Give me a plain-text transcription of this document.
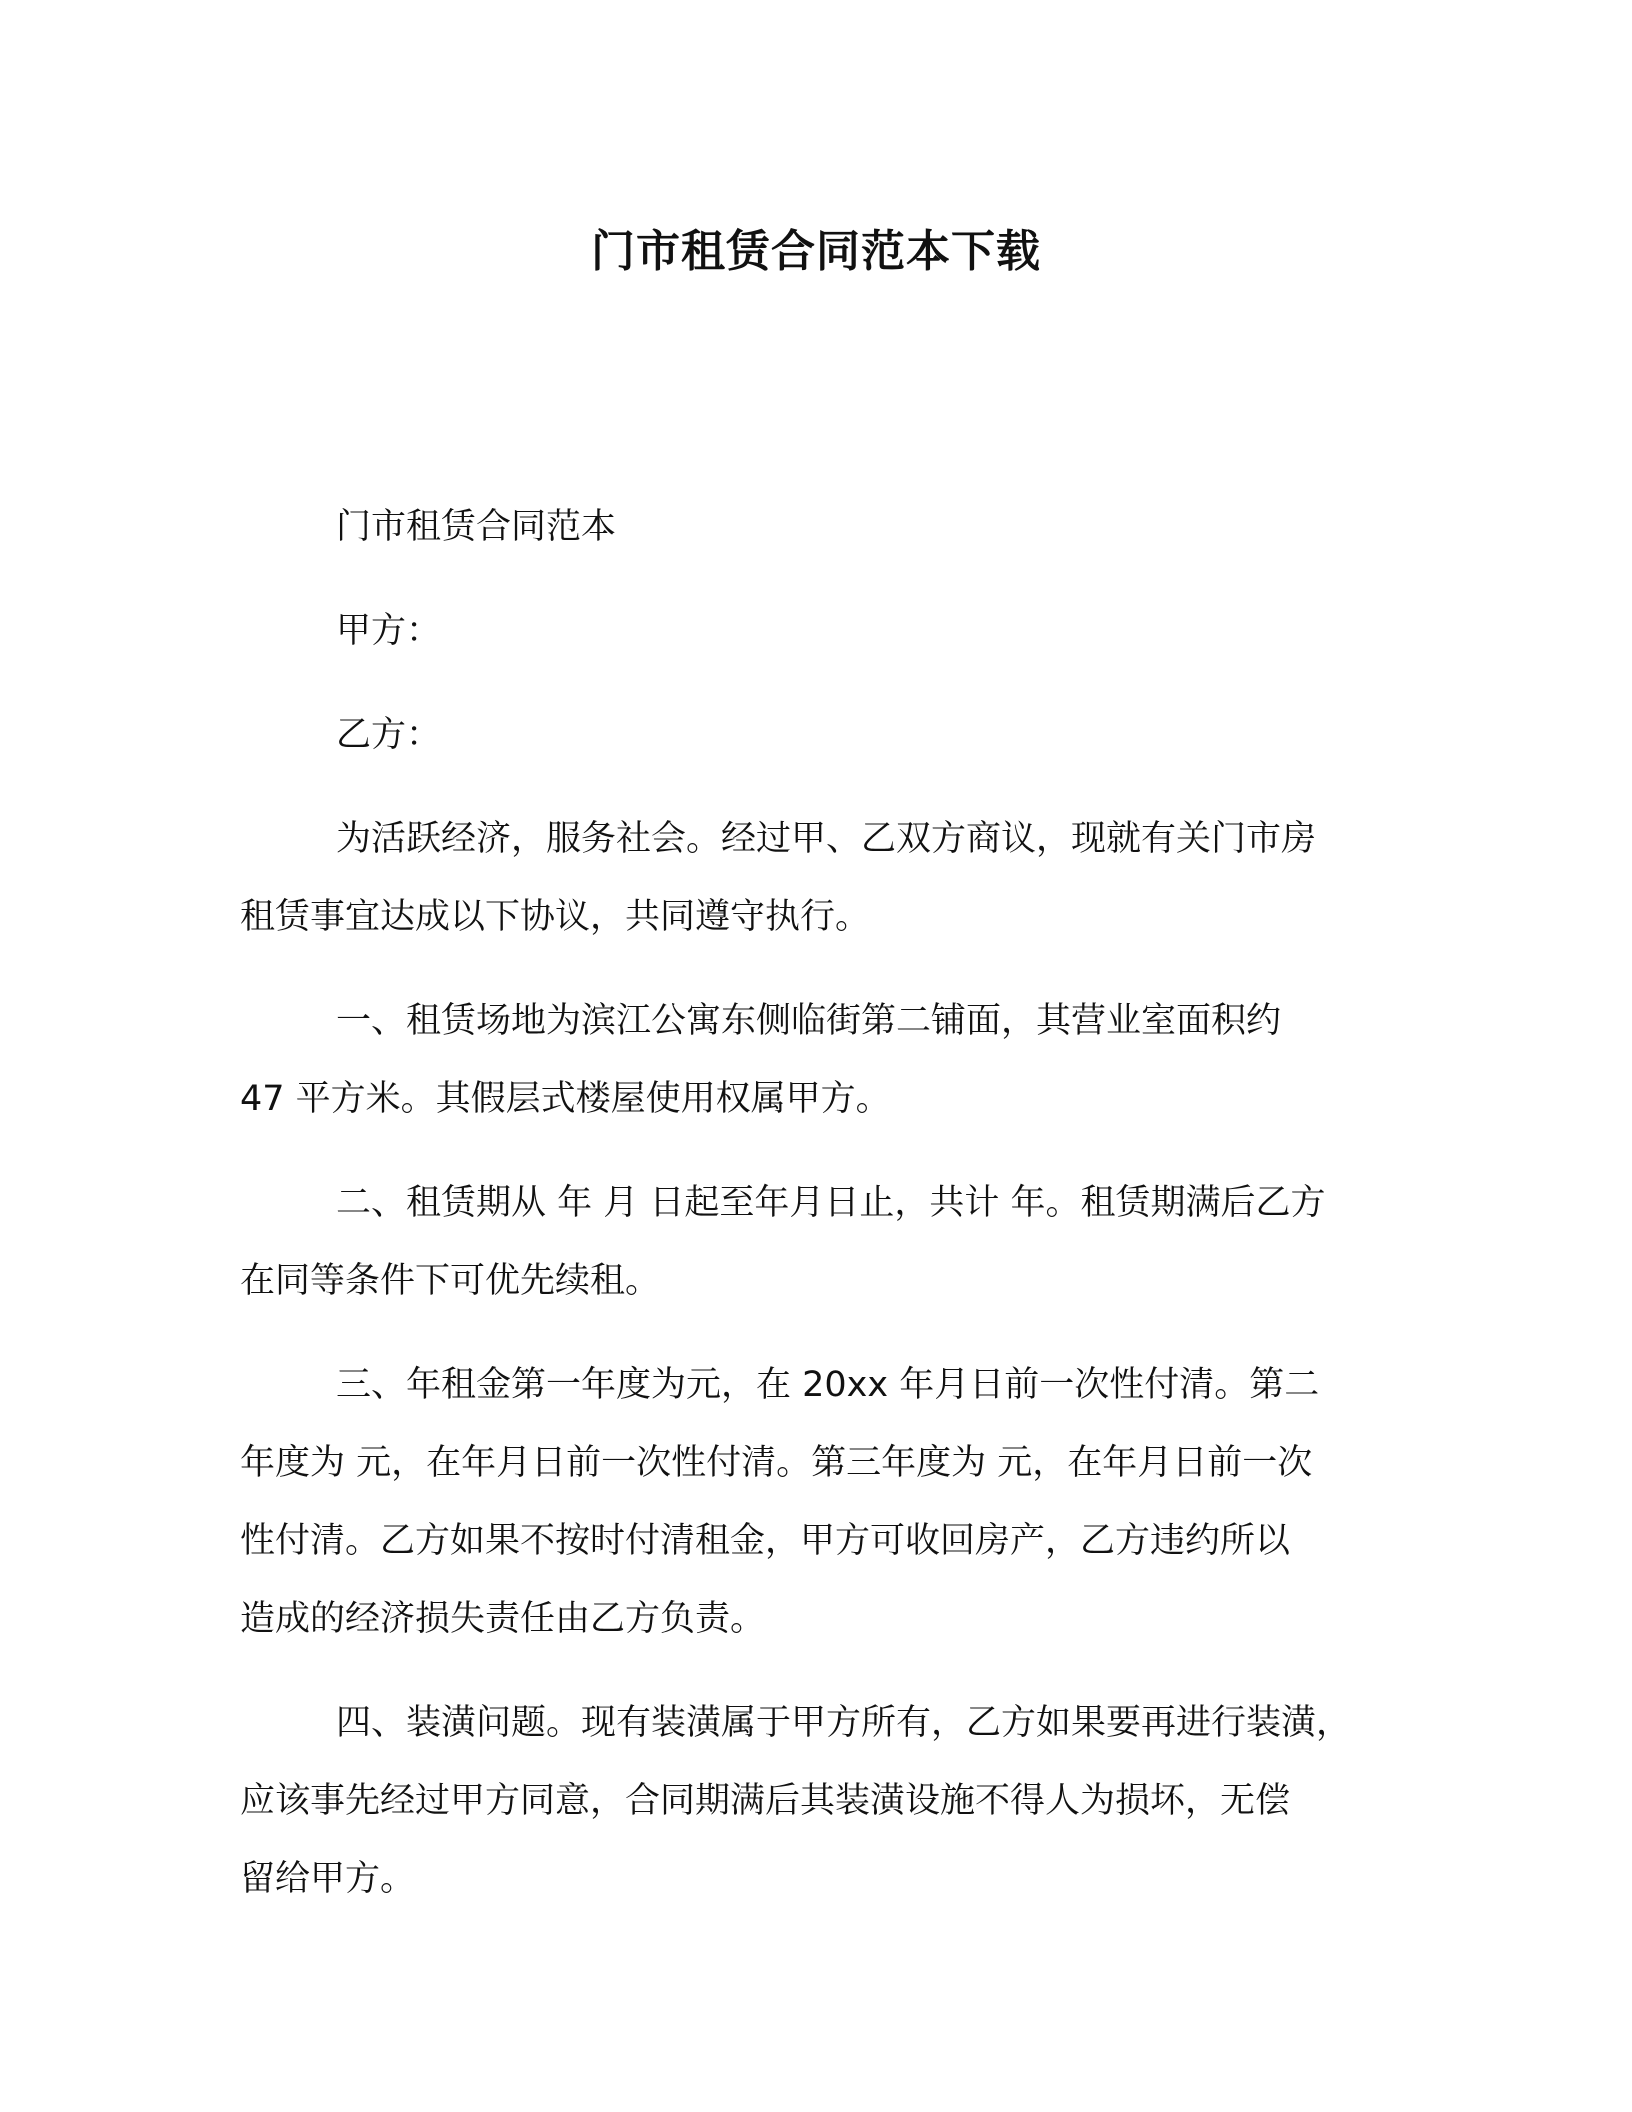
门市租赁合同范本下载

门市租赁合同范本

甲方：

乙方：

为活跃经济，服务社会。经过甲、乙双方商议，现就有关门市房
租赁事宜达成以下协议，共同遵守执行。

一、租赁场地为滨江公寓东侧临街第二铺面，其营业室面积约
47 平方米。其假层式楼屋使用权属甲方。

二、租赁期从 年 月 日起至年月日止，共计 年。租赁期满后乙方
在同等条件下可优先续租。

三、年租金第一年度为元，在 20xx 年月日前一次性付清。第二
年度为 元，在年月日前一次性付清。第三年度为 元，在年月日前一次
性付清。乙方如果不按时付清租金，甲方可收回房产，乙方违约所以
造成的经济损失责任由乙方负责。

四、装潢问题。现有装潢属于甲方所有，乙方如果要再进行装潢，
应该事先经过甲方同意，合同期满后其装潢设施不得人为损坏，无偿
留给甲方。
